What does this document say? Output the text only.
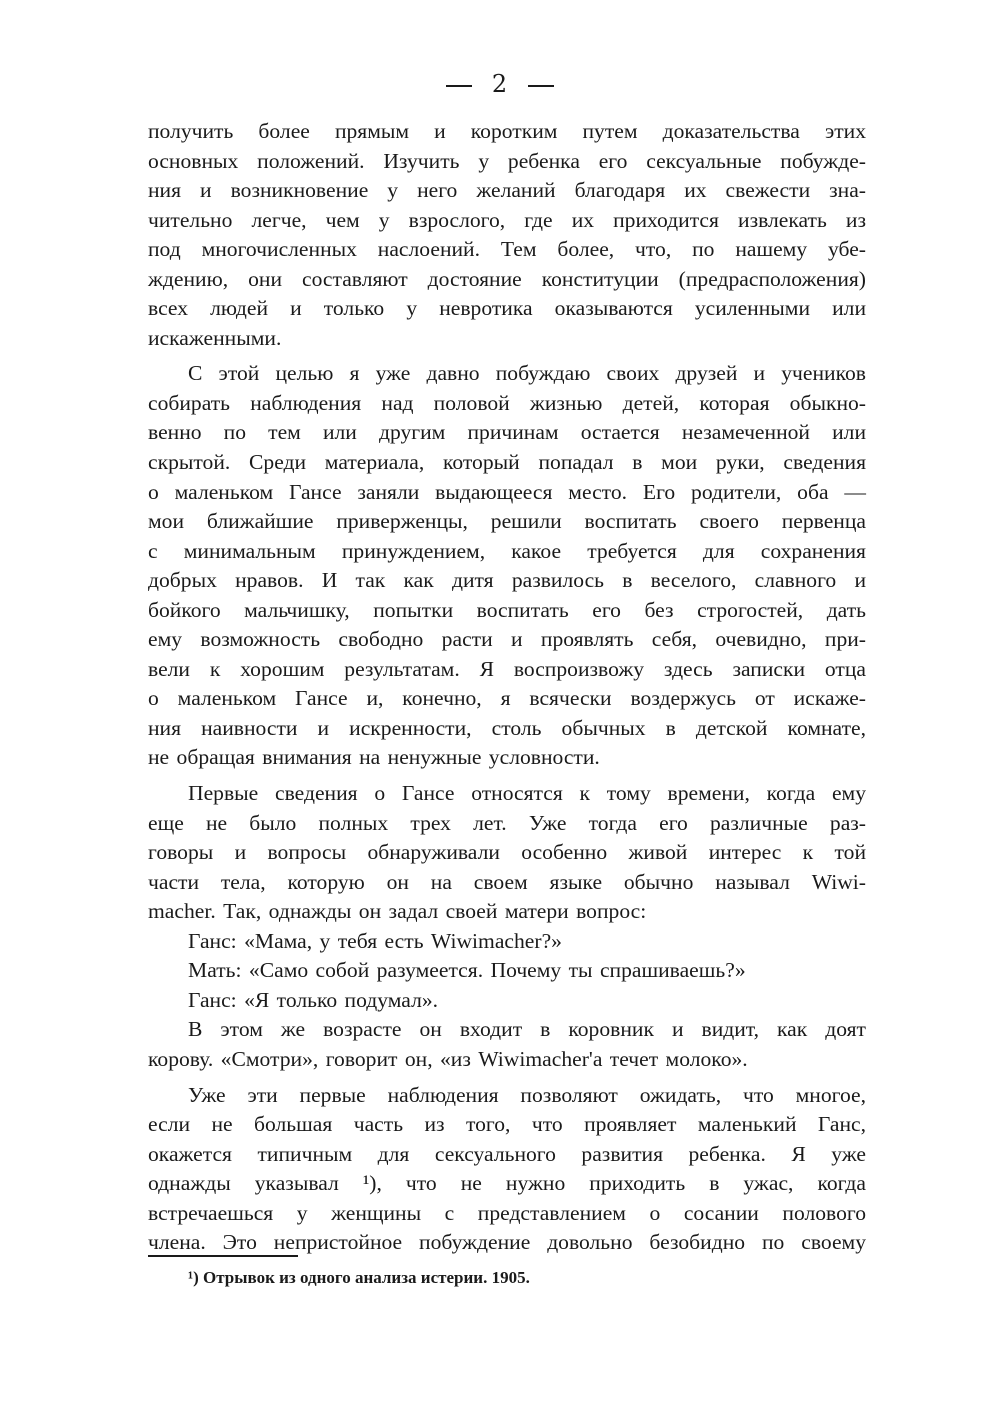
2
получить более прямым и коротким путем доказательства этих
основных положений. Изучить у ребенка его сексуальные побужде-
ния и возникновение у него желаний благодаря их свежести зна-
чительно легче, чем у взрослого, где их приходится извлекать из
под многочисленных наслоений. Тем более, что, по нашему убе-
ждению, они составляют достояние конституции (предрасположения)
всех людей и только у невротика оказываются усиленными или
искаженными.
С этой целью я уже давно побуждаю своих друзей и учеников
собирать наблюдения над половой жизнью детей, которая обыкно-
венно по тем или другим причинам остается незамеченной или
скрытой. Среди материала, который попадал в мои руки, сведения
о маленьком Гансе заняли выдающееся место. Его родители, оба —
мои ближайшие приверженцы, решили воспитать своего первенца
с минимальным принуждением, какое требуется для сохранения
добрых нравов. И так как дитя развилось в веселого, славного и
бойкого мальчишку, попытки воспитать его без строгостей, дать
ему возможность свободно расти и проявлять себя, очевидно, при-
вели к хорошим результатам. Я воспроизвожу здесь записки отца
о маленьком Гансе и, конечно, я всячески воздержусь от искаже-
ния наивности и искренности, столь обычных в детской комнате,
не обращая внимания на ненужные условности.
Первые сведения о Гансе относятся к тому времени, когда ему
еще не было полных трех лет. Уже тогда его различные раз-
говоры и вопросы обнаруживали особенно живой интерес к той
части тела, которую он на своем языке обычно называл Wiwi-
macher. Так, однажды он задал своей матери вопрос:
Ганс: «Мама, у тебя есть Wiwimacher?»
Мать: «Само собой разумеется. Почему ты спрашиваешь?»
Ганс: «Я только подумал».
В этом же возрасте он входит в коровник и видит, как доят
корову. «Смотри», говорит он, «из Wiwimacher'а течет молоко».
Уже эти первые наблюдения позволяют ожидать, что многое,
если не большая часть из того, что проявляет маленький Ганс,
окажется типичным для сексуального развития ребенка. Я уже
однажды указывал ¹), что не нужно приходить в ужас, когда
встречаешься у женщины с представлением о сосании полового
члена. Это непристойное побуждение довольно безобидно по своему
¹) Отрывок из одного анализа истерии. 1905.
